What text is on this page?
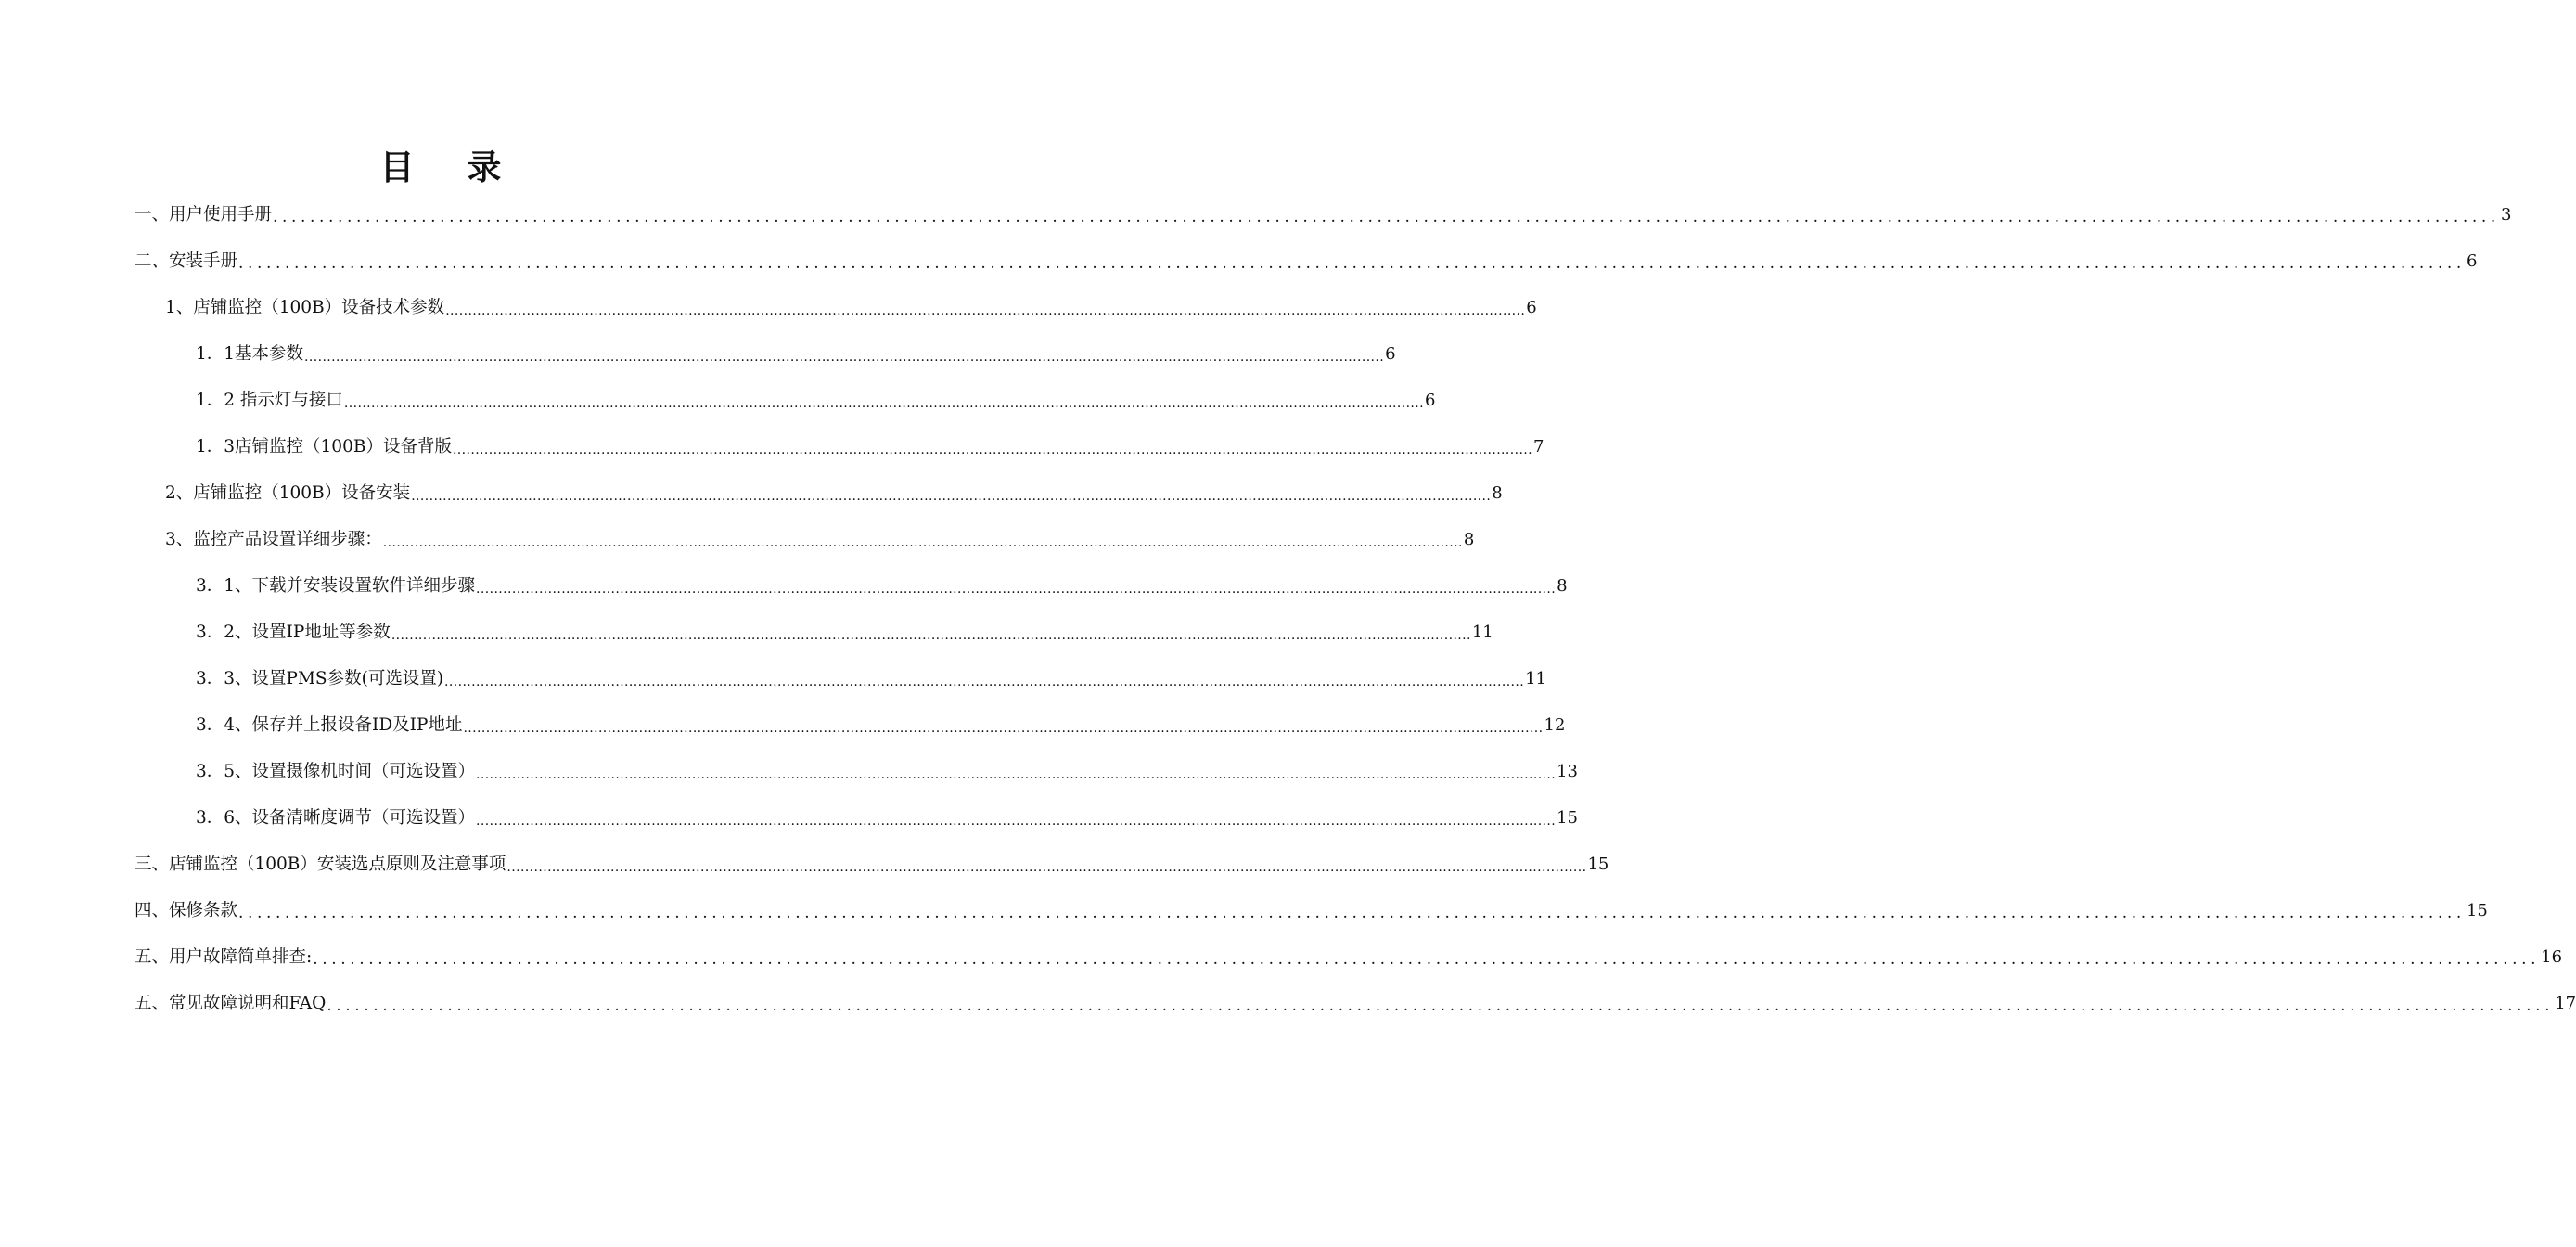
目 录
一、用户使用手册 ................................................................................................................................................................................................................................................ 3
二、安装手册 ................................................................................................................................................................................................................................................ 6
1、店铺监控（100B）设备技术参数 ................................................................................................................................................................................................................................................ 6
1．1基本参数 ................................................................................................................................................................................................................................................ 6
1．2 指示灯与接口 ................................................................................................................................................................................................................................................ 6
1．3店铺监控（100B）设备背版 ................................................................................................................................................................................................................................................ 7
2、店铺监控（100B）设备安装 ................................................................................................................................................................................................................................................ 8
3、监控产品设置详细步骤： ................................................................................................................................................................................................................................................ 8
3．1、下载并安装设置软件详细步骤 ................................................................................................................................................................................................................................................ 8
3．2、设置IP地址等参数 ................................................................................................................................................................................................................................................ 11
3．3、设置PMS参数(可选设置) ................................................................................................................................................................................................................................................ 11
3．4、保存并上报设备ID及IP地址 ................................................................................................................................................................................................................................................ 12
3．5、设置摄像机时间（可选设置） ................................................................................................................................................................................................................................................ 13
3．6、设备清晰度调节（可选设置） ................................................................................................................................................................................................................................................ 15
三、店铺监控（100B）安装选点原则及注意事项 ................................................................................................................................................................................................................................................ 15
四、保修条款 ................................................................................................................................................................................................................................................ 15
五、用户故障简单排查: ................................................................................................................................................................................................................................................ 16
五、常见故障说明和FAQ ................................................................................................................................................................................................................................................ 17
